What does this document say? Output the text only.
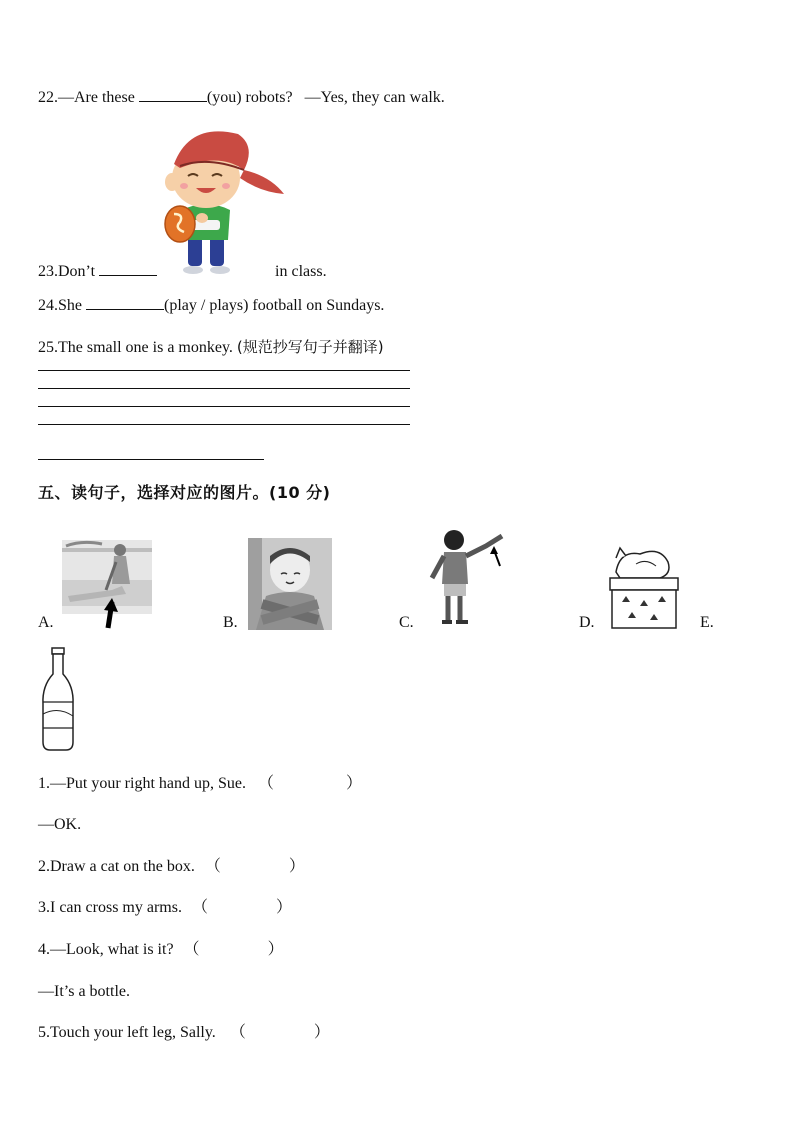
22.—Are these	(you) robots? —Yes, they can walk.
23.Don’t	in class.
24.She	(play / plays) football on Sundays.
25.The small one is a monkey. (规范抄写句子并翻译)
五、读句子，选择对应的图片。(10 分)
A.	B.	C.	D.	E.
1.—Put your right hand up, Sue. （	）
—OK.
2.Draw a cat on the box. （	）
3.I can cross my arms. （	）
4.—Look, what is it? （	）
—It’s a bottle.
5.Touch your left leg, Sally. （	）
